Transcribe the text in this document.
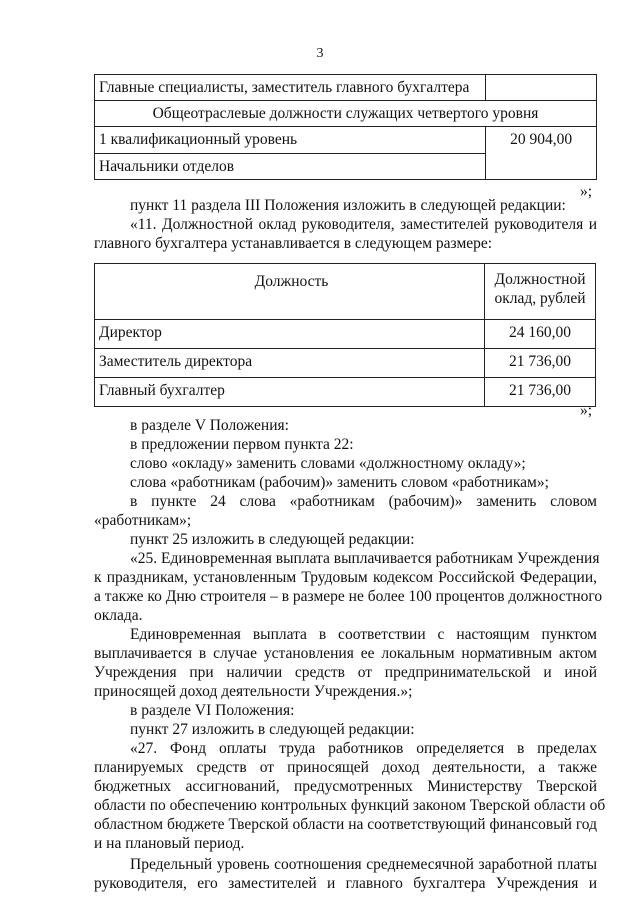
3
Главные специалисты, заместитель главного бухгалтера	
Общеотраслевые должности служащих четвертого уровня	
1 квалификационный уровень	20 904,00
Начальники отделов	
»;
пункт 11 раздела III Положения изложить в следующей редакции:
«11. Должностной оклад руководителя, заместителей руководителя и
главного бухгалтера устанавливается в следующем размере:
Должность	Должностной
оклад, рублей

Директор	24 160,00
Заместитель директора	21 736,00
Главный бухгалтер	21 736,00
»;
в разделе V Положения:
в предложении первом пункта 22:
слово «окладу» заменить словами «должностному окладу»;
слова «работникам (рабочим)» заменить словом «работникам»;
в пункте 24 слова «работникам (рабочим)» заменить словом
«работникам»;
пункт 25 изложить в следующей редакции:
«25. Единовременная выплата выплачивается работникам Учреждения
к праздникам, установленным Трудовым кодексом Российской Федерации,
а также ко Дню строителя – в размере не более 100 процентов должностного
оклада.
Единовременная выплата в соответствии с настоящим пунктом
выплачивается в случае установления ее локальным нормативным актом
Учреждения при наличии средств от предпринимательской и иной
приносящей доход деятельности Учреждения.»;
в разделе VI Положения:
пункт 27 изложить в следующей редакции:
«27. Фонд оплаты труда работников определяется в пределах
планируемых средств от приносящей доход деятельности, а также
бюджетных ассигнований, предусмотренных Министерству Тверской
области по обеспечению контрольных функций законом Тверской области об
областном бюджете Тверской области на соответствующий финансовый год
и на плановый период.
Предельный уровень соотношения среднемесячной заработной платы
руководителя, его заместителей и главного бухгалтера Учреждения и
